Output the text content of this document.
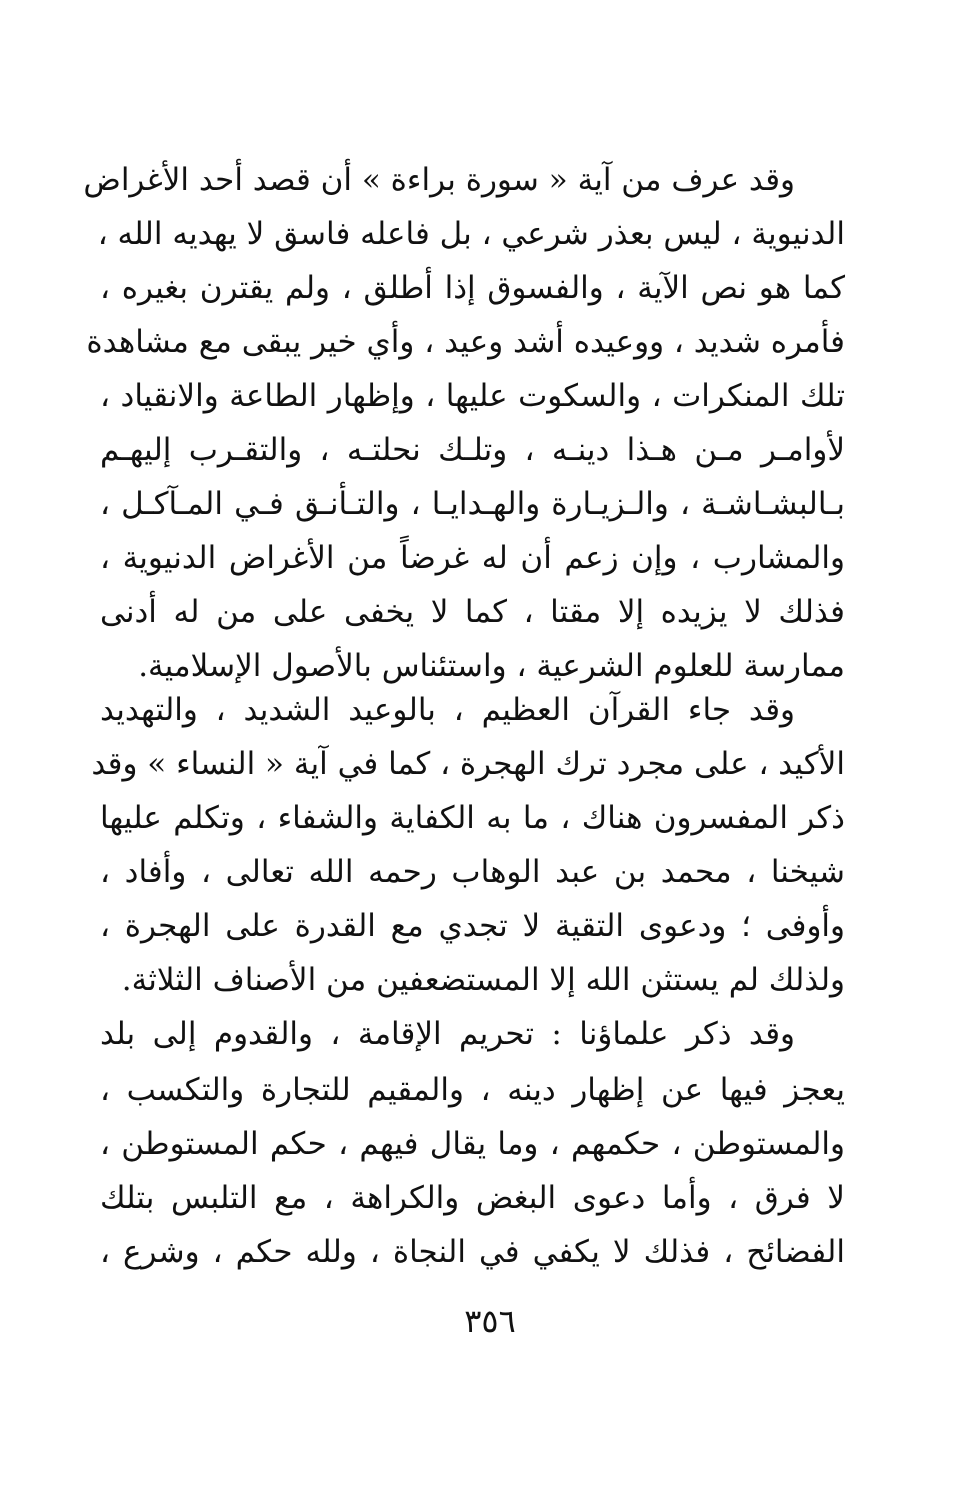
وقد عرف من آية « سورة براءة » أن قصد أحد الأغراض
الدنيوية ، ليس بعذر شرعي ، بل فاعله فاسق لا يهديه الله ،
كما هو نص الآية ، والفسوق إذا أطلق ، ولم يقترن بغيره ،
فأمره شديد ، ووعيده أشد وعيد ، وأي خير يبقى مع مشاهدة
تلك المنكرات ، والسكوت عليها ، وإظهار الطاعة والانقياد ،
لأوامـر مـن هـذا دينـه ، وتلـك نحلتـه ، والتقـرب إليهـم
بـالبشـاشـة ، والـزيـارة والهـدايـا ، والتـأنـق فـي المـآكـل ،
والمشارب ، وإن زعم أن له غرضاً من الأغراض الدنيوية ،
فذلك لا يزيده إلا مقتا ، كما لا يخفى على من له أدنى
ممارسة للعلوم الشرعية ، واستئناس بالأصول الإسلامية.
وقد جاء القرآن العظيم ، بالوعيد الشديد ، والتهديد
الأكيد ، على مجرد ترك الهجرة ، كما في آية « النساء » وقد
ذكر المفسرون هناك ، ما به الكفاية والشفاء ، وتكلم عليها
شيخنا ، محمد بن عبد الوهاب رحمه الله تعالى ، وأفاد ،
وأوفى ؛ ودعوى التقية لا تجدي مع القدرة على الهجرة ،
ولذلك لم يستثن الله إلا المستضعفين من الأصناف الثلاثة.
وقد ذكر علماؤنا : تحريم الإقامة ، والقدوم إلى بلد
يعجز فيها عن إظهار دينه ، والمقيم للتجارة والتكسب ،
والمستوطن ، حكمهم ، وما يقال فيهم ، حكم المستوطن ،
لا فرق ، وأما دعوى البغض والكراهة ، مع التلبس بتلك
الفضائح ، فذلك لا يكفي في النجاة ، ولله حكم ، وشرع ،
٣٥٦
